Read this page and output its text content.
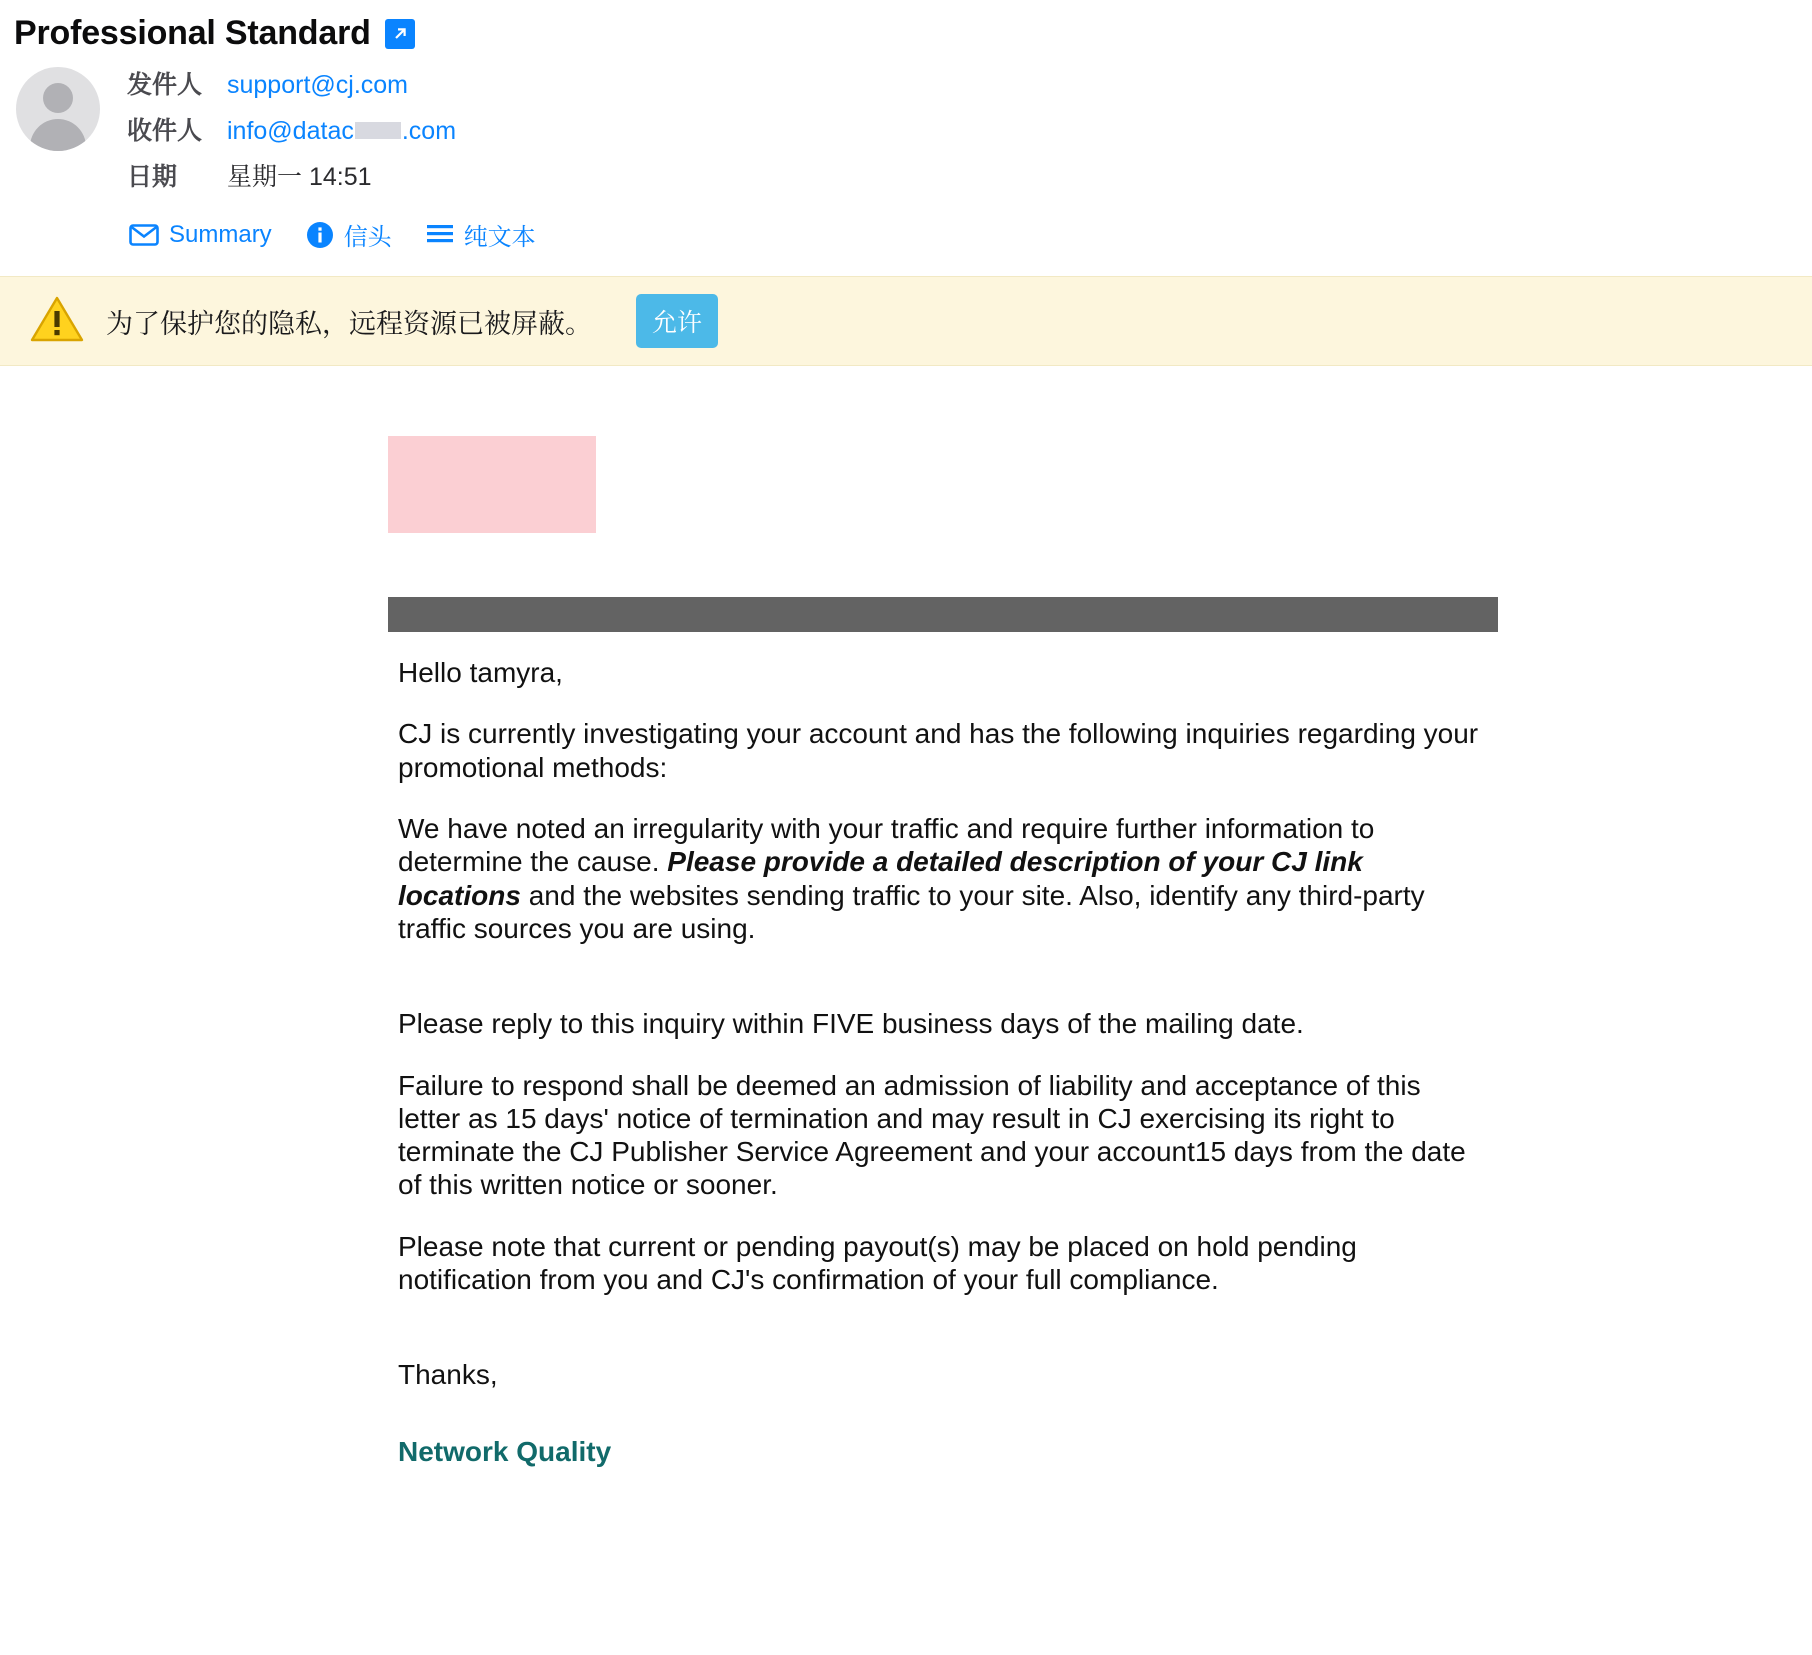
Professional Standard
发件人 support@cj.com
收件人 info@datac .com
日期	星期一 14:51
Summary	信头	纯文本
为了保护您的隐私，远程资源已被屏蔽。	允许

Hello tamyra,

CJ is currently investigating your account and has the following inquiries regarding your promotional methods:

We have noted an irregularity with your traffic and require further information to determine the cause. Please provide a detailed description of your CJ link locations and the websites sending traffic to your site. Also, identify any third-party traffic sources you are using.

Please reply to this inquiry within FIVE business days of the mailing date.

Failure to respond shall be deemed an admission of liability and acceptance of this letter as 15 days' notice of termination and may result in CJ exercising its right to terminate the CJ Publisher Service Agreement and your account15 days from the date of this written notice or sooner.

Please note that current or pending payout(s) may be placed on hold pending notification from you and CJ's confirmation of your full compliance.

Thanks,

Network Quality
